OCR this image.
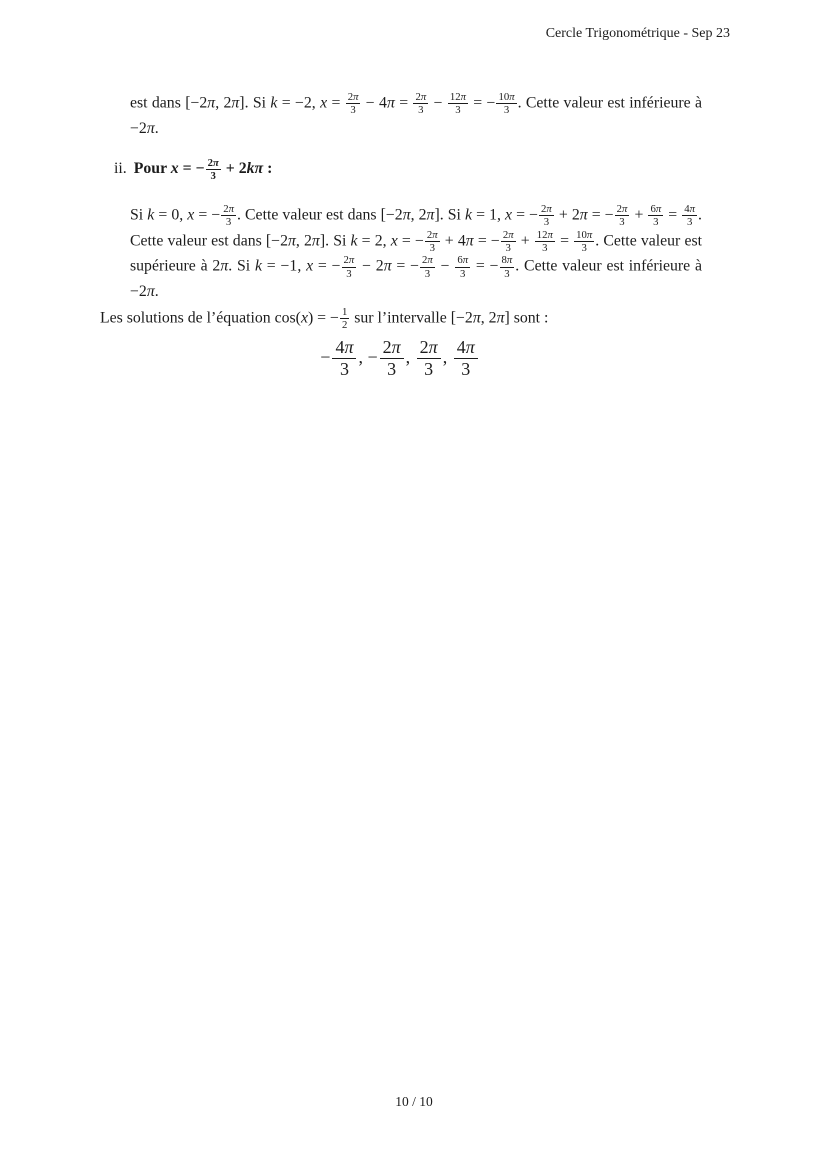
Cercle Trigonométrique - Sep 23

est dans [−2π, 2π]. Si k = −2, $x = \frac{2\pi}{3} - 4\pi = \frac{2\pi}{3} - \frac{12\pi}{3}$ = − $\frac{10\pi}{3}$ . Cette valeur est inférieure à −2π.

ii. Pour x = − $\frac{2\pi}{3} + 2k\pi$ :

Si k = 0, x = − $\frac{2\pi}{3}$ . Cette valeur est dans [−2π, 2π]. Si k = 1, x = − $\frac{2\pi}{3} + 2\pi$ = − $\frac{2\pi}{3} + \frac{6\pi}{3} = \frac{4\pi}{3}$ . Cette valeur est dans [−2π, 2π]. Si k = 2, x = − $\frac{2\pi}{3} + 4\pi$ = − $\frac{2\pi}{3} + \frac{12\pi}{3} = \frac{10\pi}{3}$ . Cette valeur est supérieure à 2π. Si k = −1, x = − $\frac{2\pi}{3} - 2\pi$ = − $\frac{2\pi}{3} - \frac{6\pi}{3}$ = − $\frac{8\pi}{3}$ . Cette valeur est inférieure à −2π.

Les solutions de l’équation cos(x) = − $\frac{1}{2}$ sur l’intervalle [−2π, 2π] sont :

− $\frac{4\pi}{3}$ , − $\frac{2\pi}{3}$ , $\frac{2\pi}{3}$ , $\frac{4\pi}{3}$
10 / 10
